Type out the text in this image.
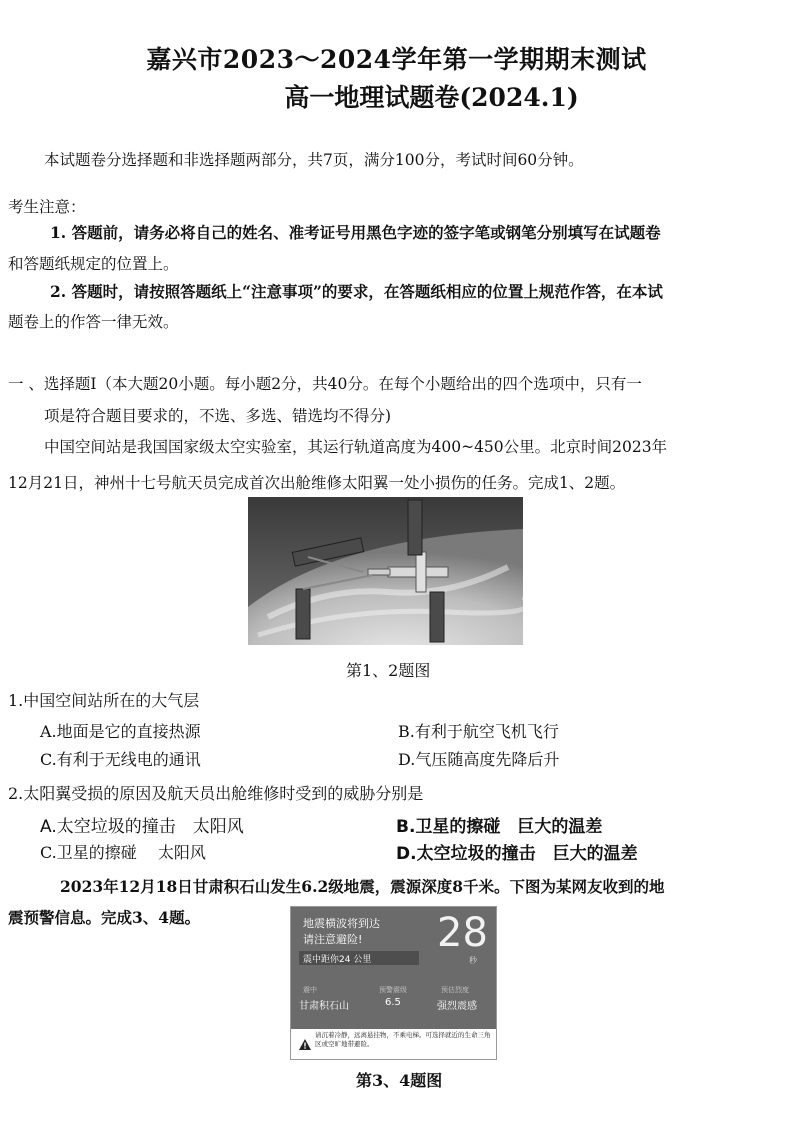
嘉兴市2023～2024学年第一学期期末测试
高一地理试题卷(2024.1)
本试题卷分选择题和非选择题两部分，共7页，满分100分，考试时间60分钟。
考生注意：
1. 答题前，请务必将自己的姓名、准考证号用黑色字迹的签字笔或钢笔分别填写在试题卷
和答题纸规定的位置上。
2. 答题时，请按照答题纸上“注意事项”的要求，在答题纸相应的位置上规范作答，在本试
题卷上的作答一律无效。
一 、选择题Ⅰ（本大题20小题。每小题2分，共40分。在每个小题给出的四个选项中，只有一
项是符合题目要求的，不选、多选、错选均不得分)
中国空间站是我国国家级太空实验室，其运行轨道高度为400~450公里。北京时间2023年
12月21日，神州十七号航天员完成首次出舱维修太阳翼一处小损伤的任务。完成1、2题。
第1、2题图
1.中国空间站所在的大气层
A.地面是它的直接热源	B.有利于航空飞机飞行
C.有利于无线电的通讯	D.气压随高度先降后升
2.太阳翼受损的原因及航天员出舱维修时受到的威胁分别是
A.太空垃圾的撞击　太阳风	B.卫星的擦碰　巨大的温差
C.卫星的擦碰　 太阳风	D.太空垃圾的撞击　巨大的温差
2023年12月18日甘肃积石山发生6.2级地震，震源深度8千米。下图为某网友收到的地
震预警信息。完成3、4题。	地震横波将到达
请注意避险!
震中距你24 公里
28
秒
震中	预警震级	预估烈度
甘肃积石山	6.5	强烈震感
请沉着冷静，远离悬挂物，不乘电梯。可选择就近的生命三角区或空旷地带避险。
第3、4题图
